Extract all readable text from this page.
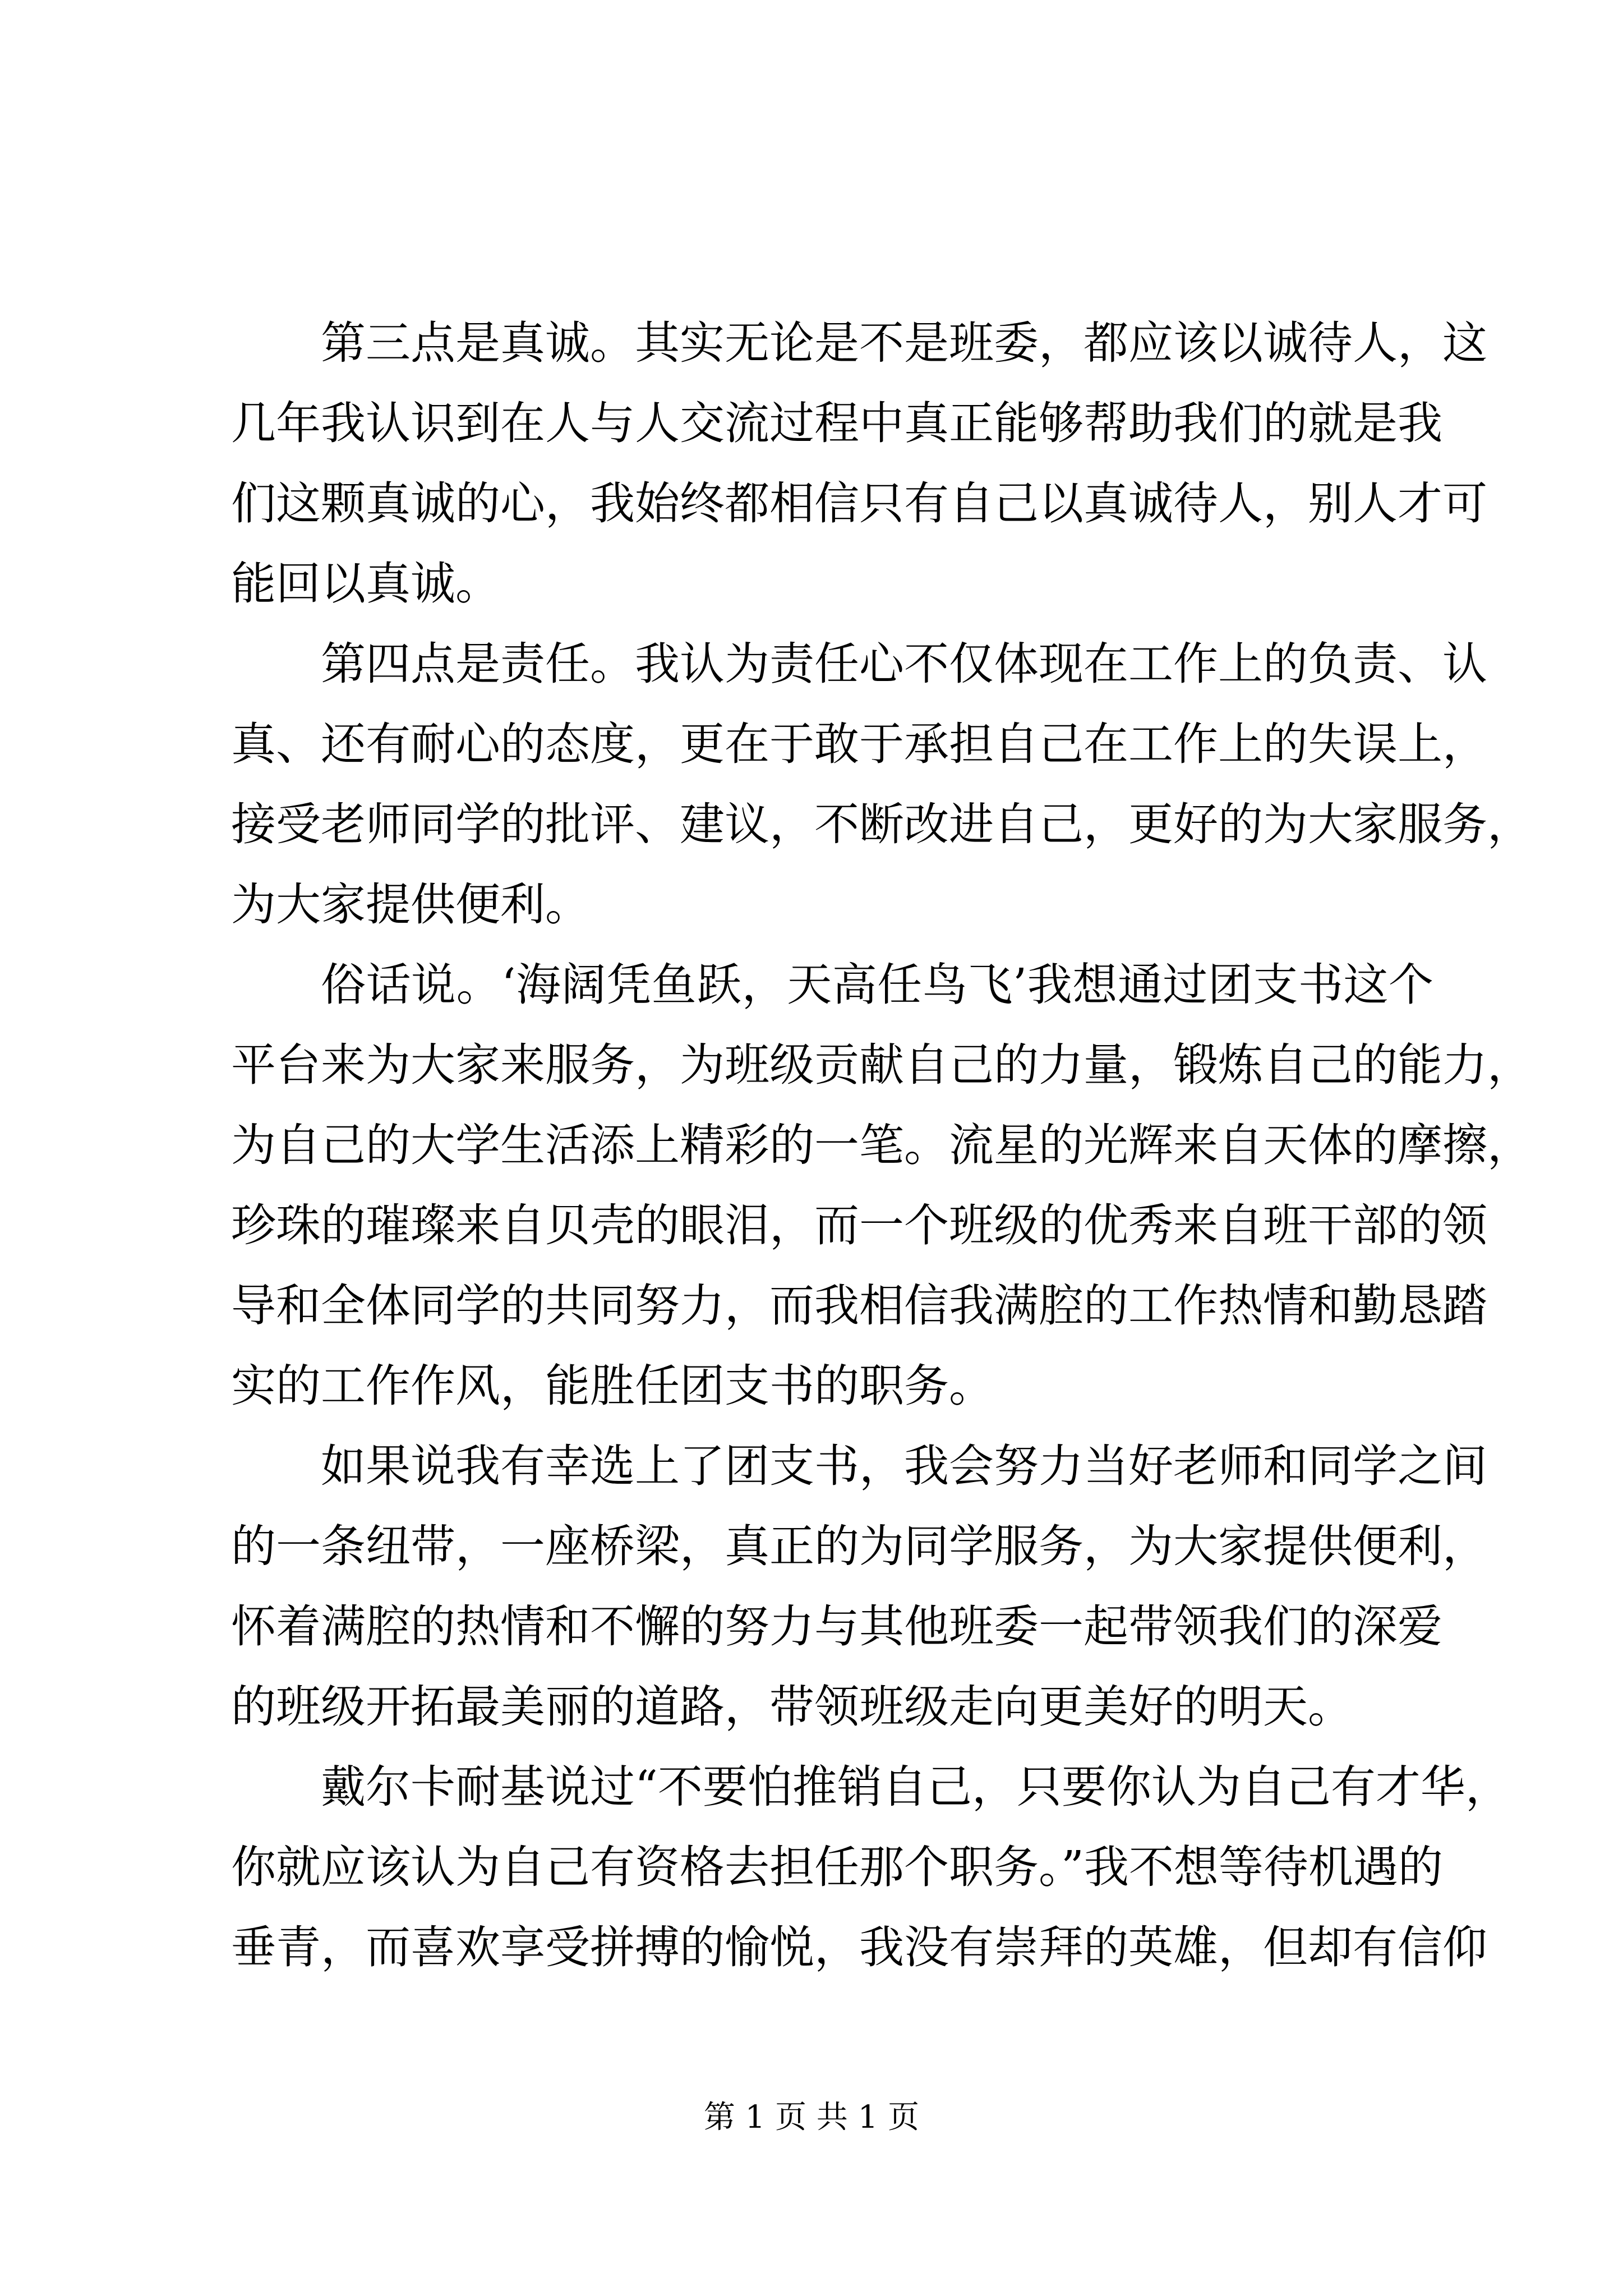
第三点是真诚。其实无论是不是班委，都应该以诚待人，这
几年我认识到在人与人交流过程中真正能够帮助我们的就是我
们这颗真诚的心，我始终都相信只有自己以真诚待人，别人才可
能回以真诚。
第四点是责任。我认为责任心不仅体现在工作上的负责、认
真、还有耐心的态度，更在于敢于承担自己在工作上的失误上，
接受老师同学的批评、建议，不断改进自己，更好的为大家服务，
为大家提供便利。
俗话说。‘海阔凭鱼跃，天高任鸟飞’我想通过团支书这个
平台来为大家来服务，为班级贡献自己的力量，锻炼自己的能力，
为自己的大学生活添上精彩的一笔。流星的光辉来自天体的摩擦，
珍珠的璀璨来自贝壳的眼泪，而一个班级的优秀来自班干部的领
导和全体同学的共同努力，而我相信我满腔的工作热情和勤恳踏
实的工作作风，能胜任团支书的职务。
如果说我有幸选上了团支书，我会努力当好老师和同学之间
的一条纽带，一座桥梁，真正的为同学服务，为大家提供便利，
怀着满腔的热情和不懈的努力与其他班委一起带领我们的深爱
的班级开拓最美丽的道路，带领班级走向更美好的明天。
戴尔卡耐基说过“不要怕推销自己，只要你认为自己有才华，
你就应该认为自己有资格去担任那个职务。”我不想等待机遇的
垂青，而喜欢享受拼搏的愉悦，我没有崇拜的英雄，但却有信仰
第 1 页 共 1 页
